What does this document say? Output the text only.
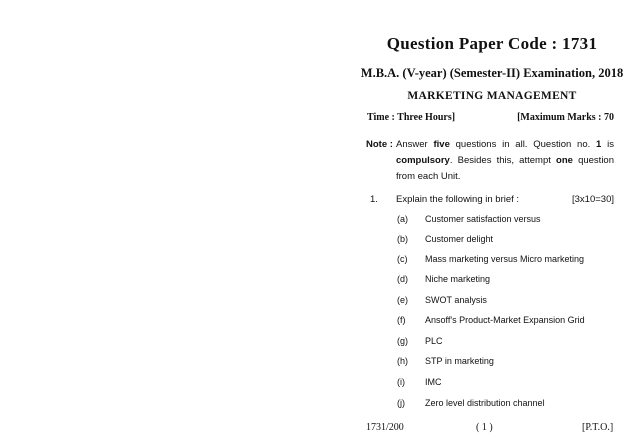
Question Paper Code : 1731
M.B.A. (V-year) (Semester-II) Examination, 2018
MARKETING MANAGEMENT
Time : Three Hours]	[Maximum Marks : 70
Note : Answer five questions in all. Question no. 1 is compulsory. Besides this, attempt one question from each Unit.
1. Explain the following in brief :	[3x10=30]
(a) Customer satisfaction versus
(b) Customer delight
(c) Mass marketing versus Micro marketing
(d) Niche marketing
(e) SWOT analysis
(f) Ansoff's Product-Market Expansion Grid
(g) PLC
(h) STP in marketing
(i) IMC
(j) Zero level distribution channel
1731/200	( 1 )	[P.T.O.]
